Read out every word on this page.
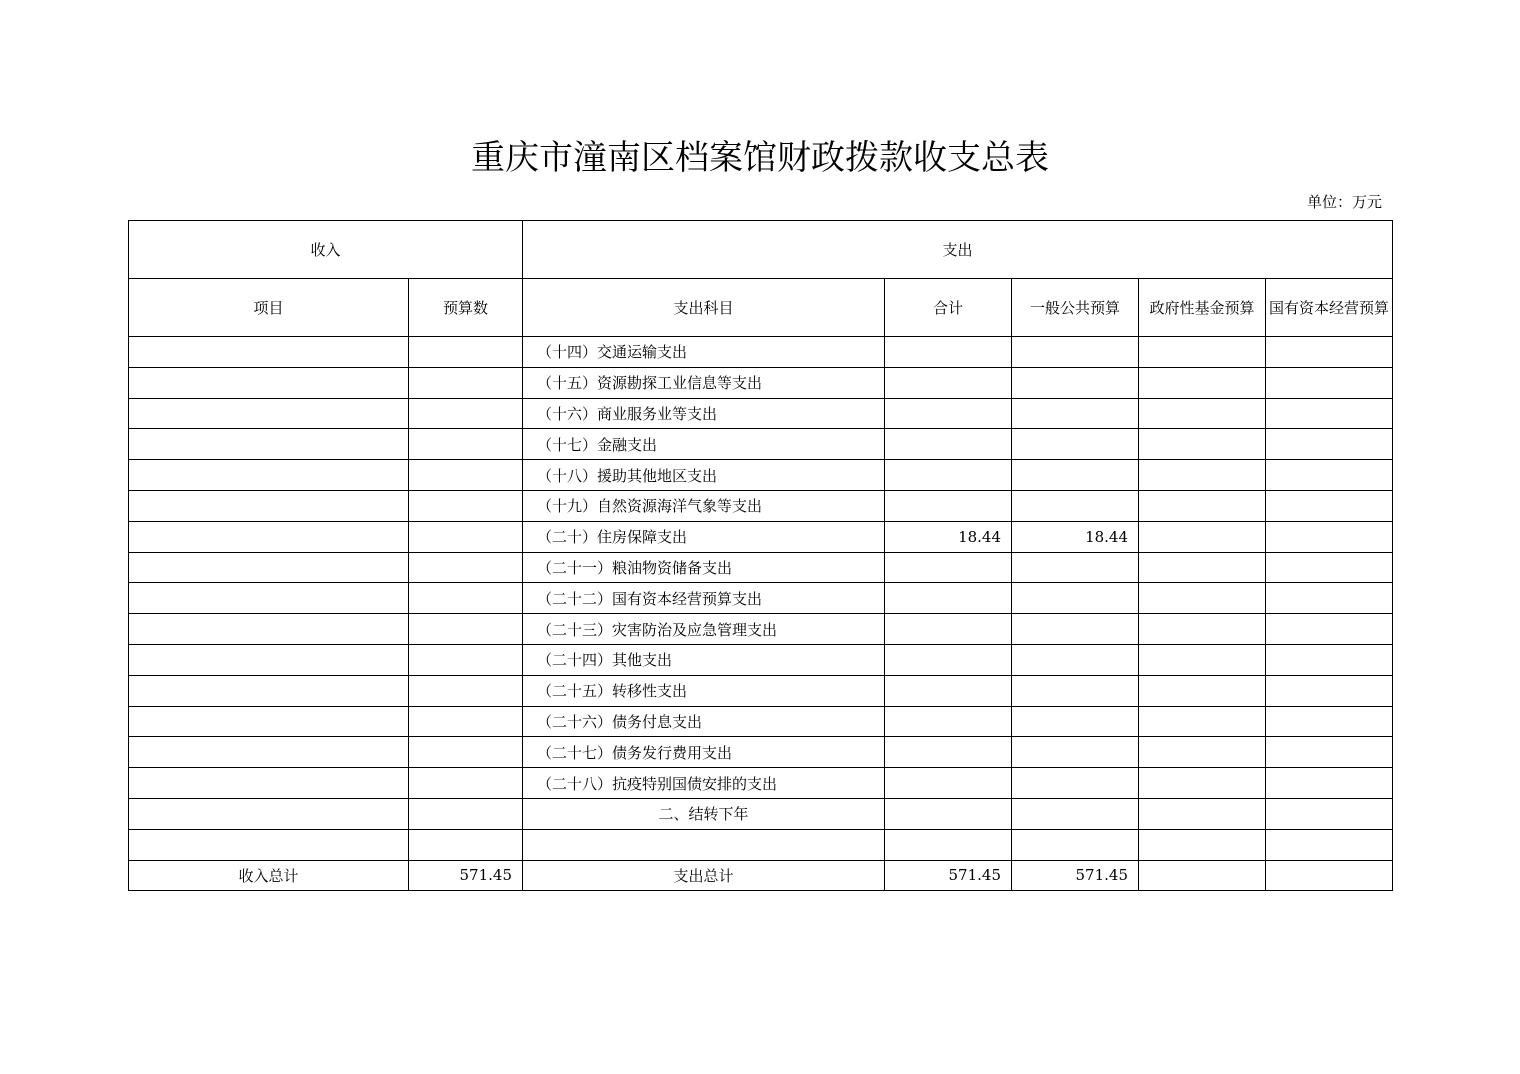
重庆市潼南区档案馆财政拨款收支总表
单位：万元
收入		支出				
项目	预算数	支出科目	合计	一般公共预算	政府性基金预算	国有资本经营预算
		（十四）交通运输支出				
		（十五）资源勘探工业信息等支出				
		（十六）商业服务业等支出				
		（十七）金融支出				
		（十八）援助其他地区支出				
		（十九）自然资源海洋气象等支出				
		（二十）住房保障支出	18.44	18.44		
		（二十一）粮油物资储备支出				
		（二十二）国有资本经营预算支出				
		（二十三）灾害防治及应急管理支出				
		（二十四）其他支出				
		（二十五）转移性支出				
		（二十六）债务付息支出				
		（二十七）债务发行费用支出				
		（二十八）抗疫特别国债安排的支出				
		二、结转下年				

收入总计	571.45	支出总计	571.45	571.45		
